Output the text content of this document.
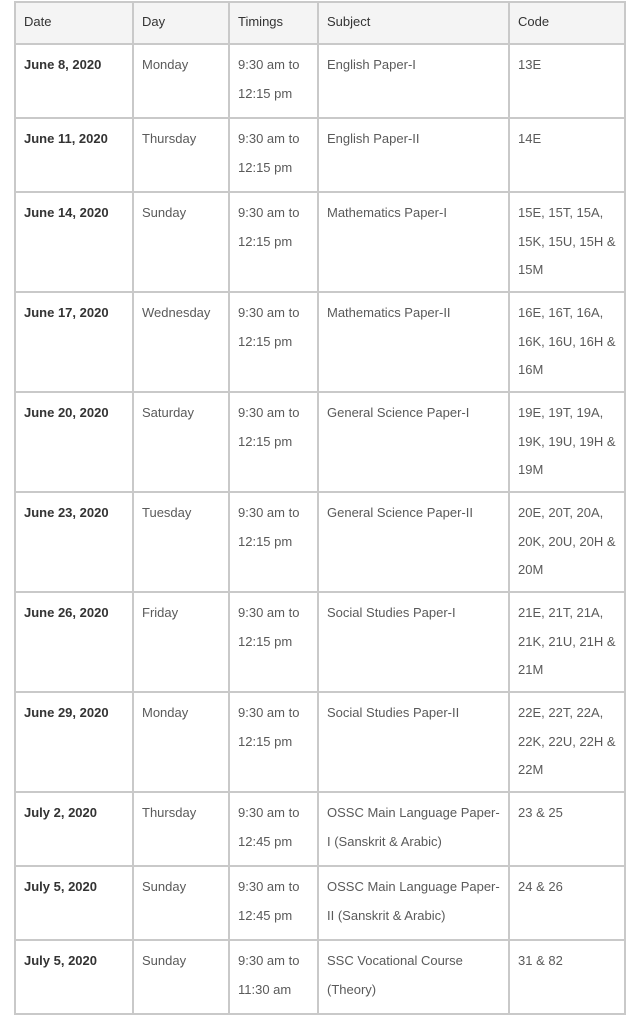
Date	Day	Timings	Subject	Code
June 8, 2020	Monday	9:30 am to 12:15 pm	English Paper-I	13E
June 11, 2020	Thursday	9:30 am to 12:15 pm	English Paper-II	14E
June 14, 2020	Sunday	9:30 am to 12:15 pm	Mathematics Paper-I	15E, 15T, 15A, 15K, 15U, 15H & 15M
June 17, 2020	Wednesday	9:30 am to 12:15 pm	Mathematics Paper-II	16E, 16T, 16A, 16K, 16U, 16H & 16M
June 20, 2020	Saturday	9:30 am to 12:15 pm	General Science Paper-I	19E, 19T, 19A, 19K, 19U, 19H & 19M
June 23, 2020	Tuesday	9:30 am to 12:15 pm	General Science Paper-II	20E, 20T, 20A, 20K, 20U, 20H & 20M
June 26, 2020	Friday	9:30 am to 12:15 pm	Social Studies Paper-I	21E, 21T, 21A, 21K, 21U, 21H & 21M
June 29, 2020	Monday	9:30 am to 12:15 pm	Social Studies Paper-II	22E, 22T, 22A, 22K, 22U, 22H & 22M
July 2, 2020	Thursday	9:30 am to 12:45 pm	OSSC Main Language Paper-I (Sanskrit & Arabic)	23 & 25
July 5, 2020	Sunday	9:30 am to 12:45 pm	OSSC Main Language Paper-II (Sanskrit & Arabic)	24 & 26
July 5, 2020	Sunday	9:30 am to 11:30 am	SSC Vocational Course (Theory)	31 & 82
